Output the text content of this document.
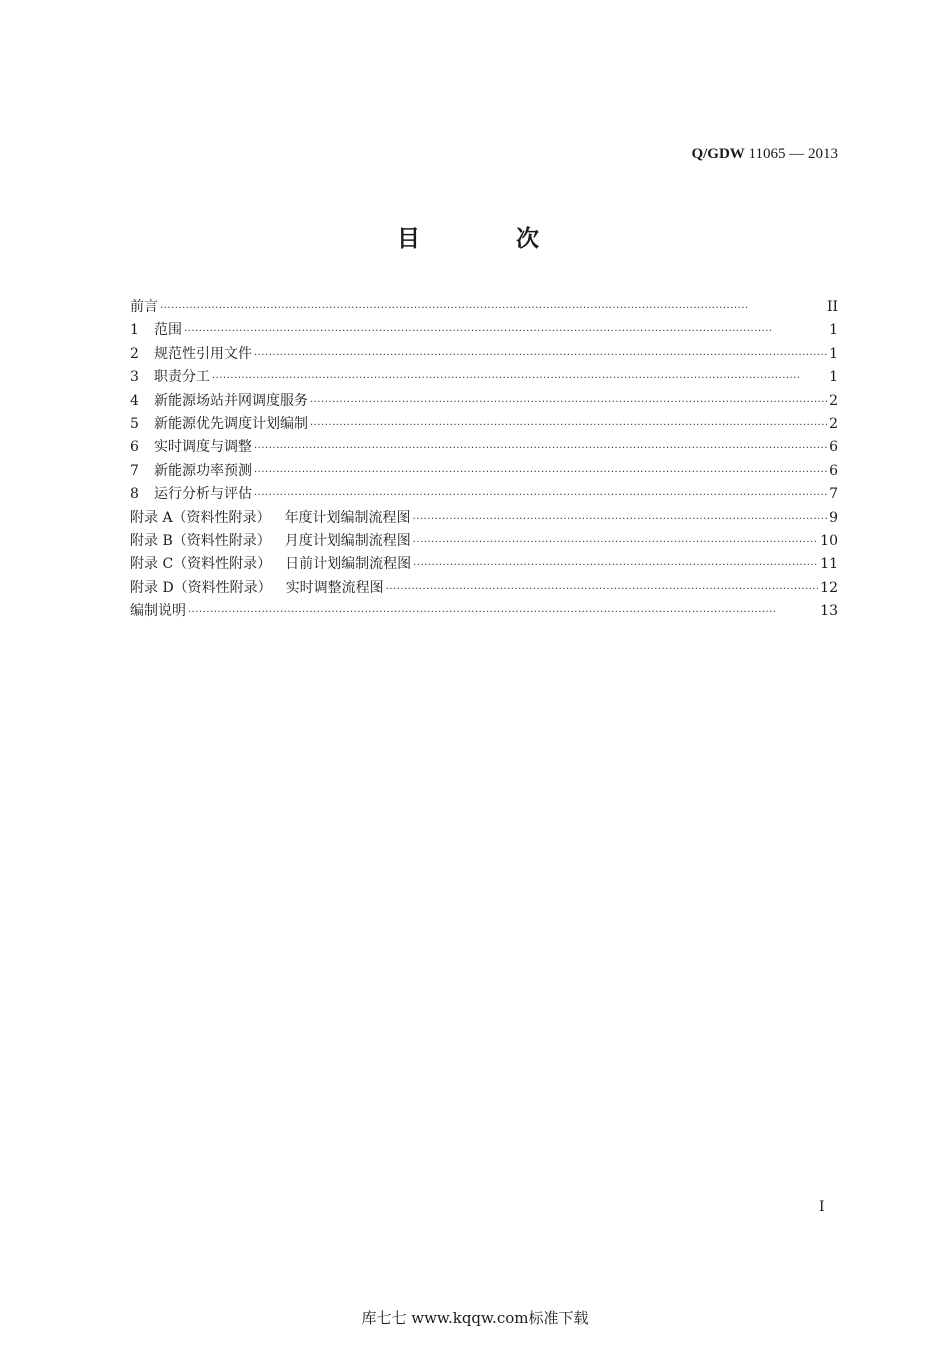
Q/GDW 11065 — 2013
目 次
前言 ·····	II
1	范围 ·····	1
2	规范性引用文件 ·····	1
3	职责分工 ·····	1
4	新能源场站并网调度服务 ·····	2
5	新能源优先调度计划编制 ·····	2
6	实时调度与调整 ·····	6
7	新能源功率预测 ·····	6
8	运行分析与评估 ·····	7
附录 A（资料性附录） 年度计划编制流程图 ·····	9
附录 B（资料性附录） 月度计划编制流程图 ·····	10
附录 C（资料性附录） 日前计划编制流程图 ·····	11
附录 D（资料性附录） 实时调整流程图 ·····	12
编制说明 ·····	13
I
库七七 www.kqqw.com标准下载
